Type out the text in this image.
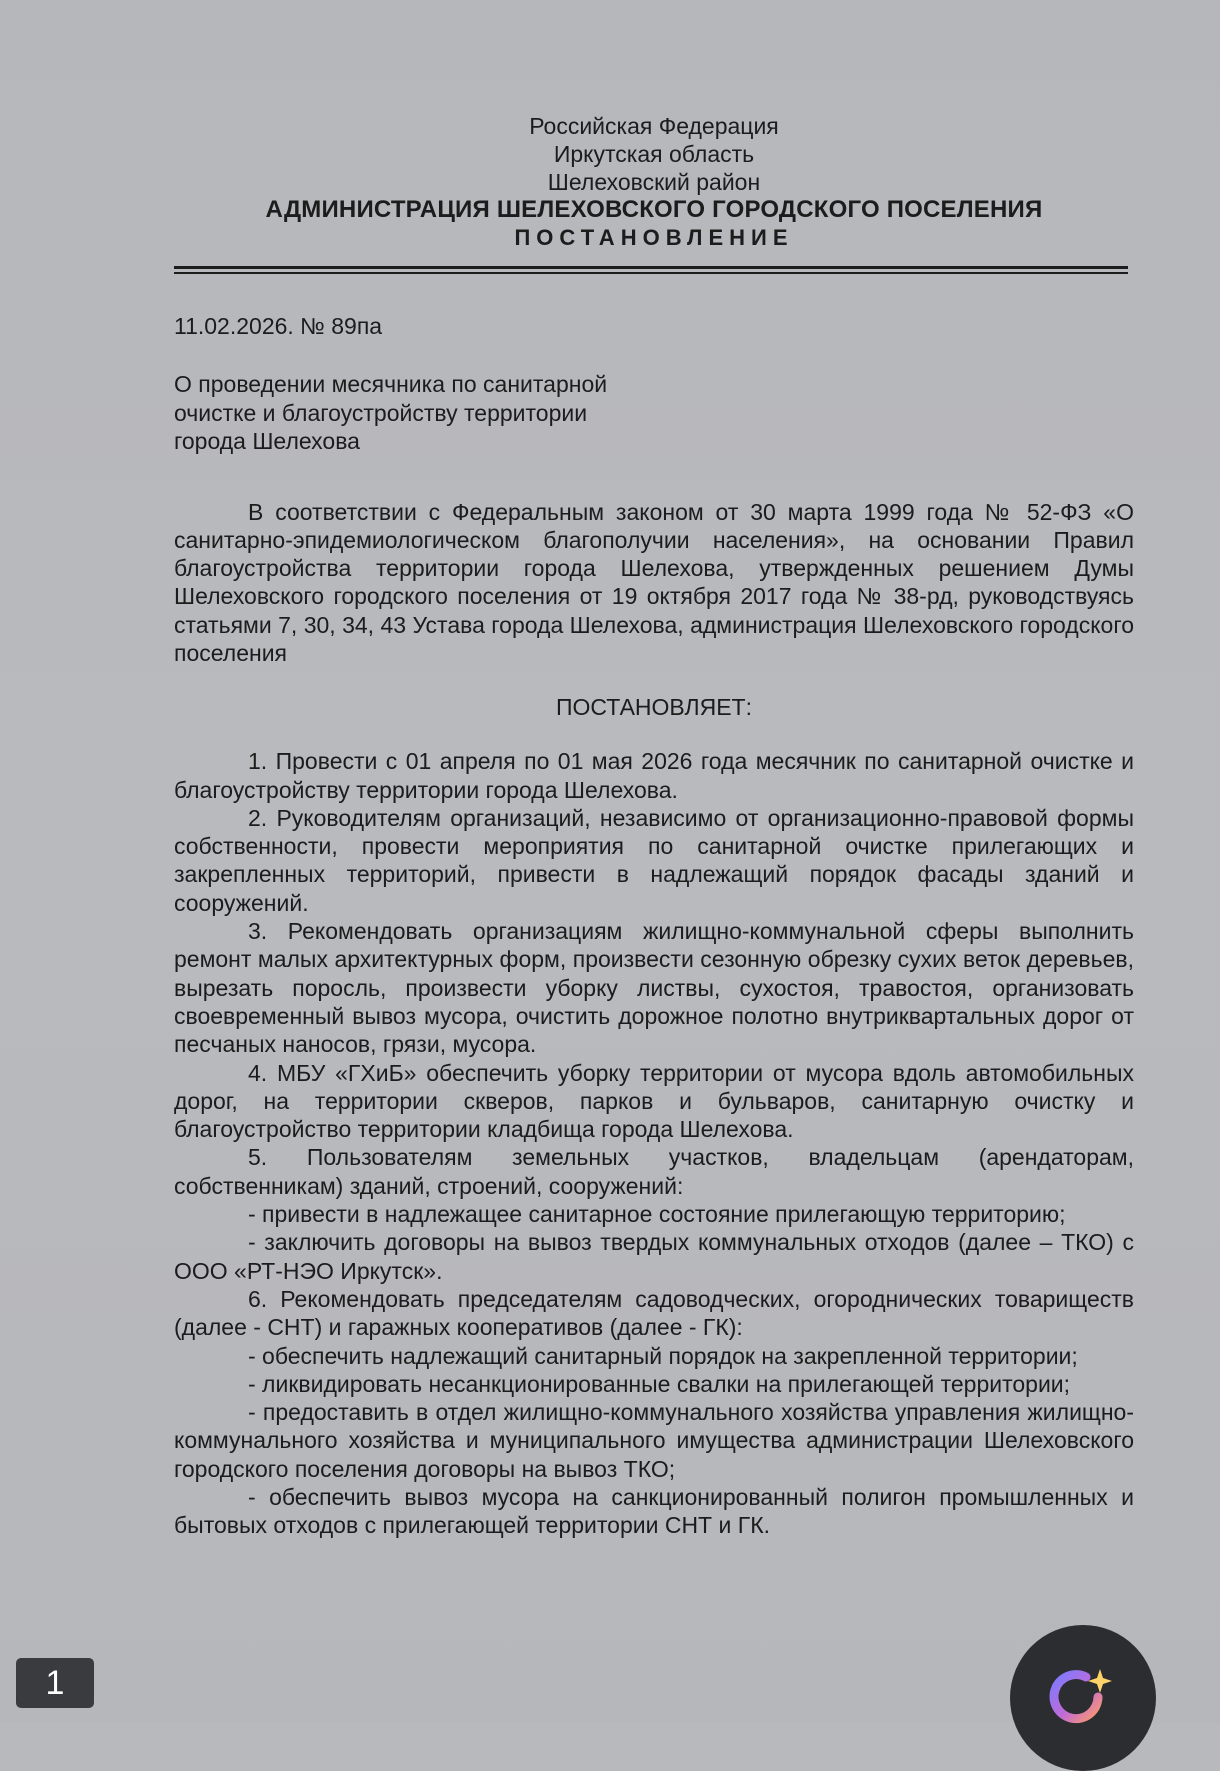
Российская Федерация

Иркутская область

Шелеховский район

АДМИНИСТРАЦИЯ ШЕЛЕХОВСКОГО ГОРОДСКОГО ПОСЕЛЕНИЯ

ПОСТАНОВЛЕНИЕ

11.02.2026. № 89па
О проведении месячника по санитарной
очистке и благоустройству территории
города Шелехова
В соответствии с Федеральным законом от 30 марта 1999 года № 52-ФЗ «О санитарно-эпидемиологическом благополучии населения», на основании Правил благоустройства территории города Шелехова, утвержденных решением Думы Шелеховского городского поселения от 19 октября 2017 года № 38-рд, руководствуясь статьями 7, 30, 34, 43 Устава города Шелехова, администрация Шелеховского городского поселения
ПОСТАНОВЛЯЕТ:

1. Провести с 01 апреля по 01 мая 2026 года месячник по санитарной очистке и благоустройству территории города Шелехова.

2. Руководителям организаций, независимо от организационно-правовой формы собственности, провести мероприятия по санитарной очистке прилегающих и закрепленных территорий, привести в надлежащий порядок фасады зданий и сооружений.

3. Рекомендовать организациям жилищно-коммунальной сферы выполнить ремонт малых архитектурных форм, произвести сезонную обрезку сухих веток деревьев, вырезать поросль, произвести уборку листвы, сухостоя, травостоя, организовать своевременный вывоз мусора, очистить дорожное полотно внутриквартальных дорог от песчаных наносов, грязи, мусора.

4. МБУ «ГХиБ» обеспечить уборку территории от мусора вдоль автомобильных дорог, на территории скверов, парков и бульваров, санитарную очистку и благоустройство территории кладбища города Шелехова.

5. Пользователям земельных участков, владельцам (арендаторам, собственникам) зданий, строений, сооружений:

- привести в надлежащее санитарное состояние прилегающую территорию;

- заключить договоры на вывоз твердых коммунальных отходов (далее – ТКО) с ООО «РТ-НЭО Иркутск».

6. Рекомендовать председателям садоводческих, огороднических товариществ (далее - СНТ) и гаражных кооперативов (далее - ГК):

- обеспечить надлежащий санитарный порядок на закрепленной территории;

- ликвидировать несанкционированные свалки на прилегающей территории;

- предоставить в отдел жилищно-коммунального хозяйства управления жилищно-коммунального хозяйства и муниципального имущества администрации Шелеховского городского поселения договоры на вывоз ТКО;

- обеспечить вывоз мусора на санкционированный полигон промышленных и бытовых отходов с прилегающей территории СНТ и ГК.

1
